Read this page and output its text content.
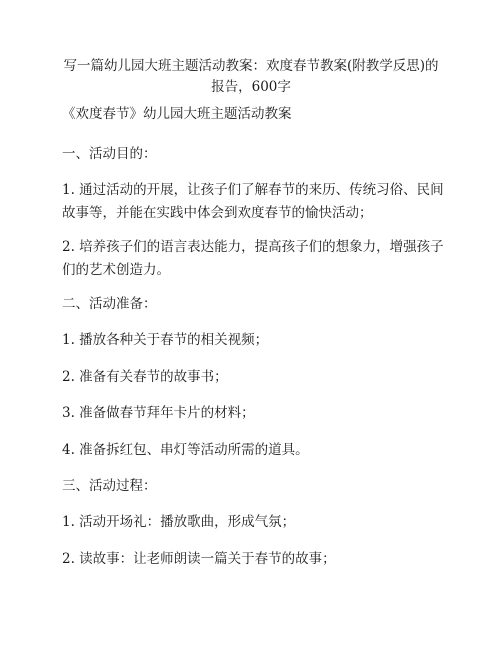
写一篇幼儿园大班主题活动教案：欢度春节教案(附教学反思)的报告，600字

《欢度春节》幼儿园大班主题活动教案

一、活动目的：

1. 通过活动的开展，让孩子们了解春节的来历、传统习俗、民间故事等，并能在实践中体会到欢度春节的愉快活动；

2. 培养孩子们的语言表达能力，提高孩子们的想象力，增强孩子们的艺术创造力。

二、活动准备：

1. 播放各种关于春节的相关视频；

2. 准备有关春节的故事书；

3. 准备做春节拜年卡片的材料；

4. 准备拆红包、串灯等活动所需的道具。

三、活动过程：

1. 活动开场礼：播放歌曲，形成气氛；

2. 读故事：让老师朗读一篇关于春节的故事；
